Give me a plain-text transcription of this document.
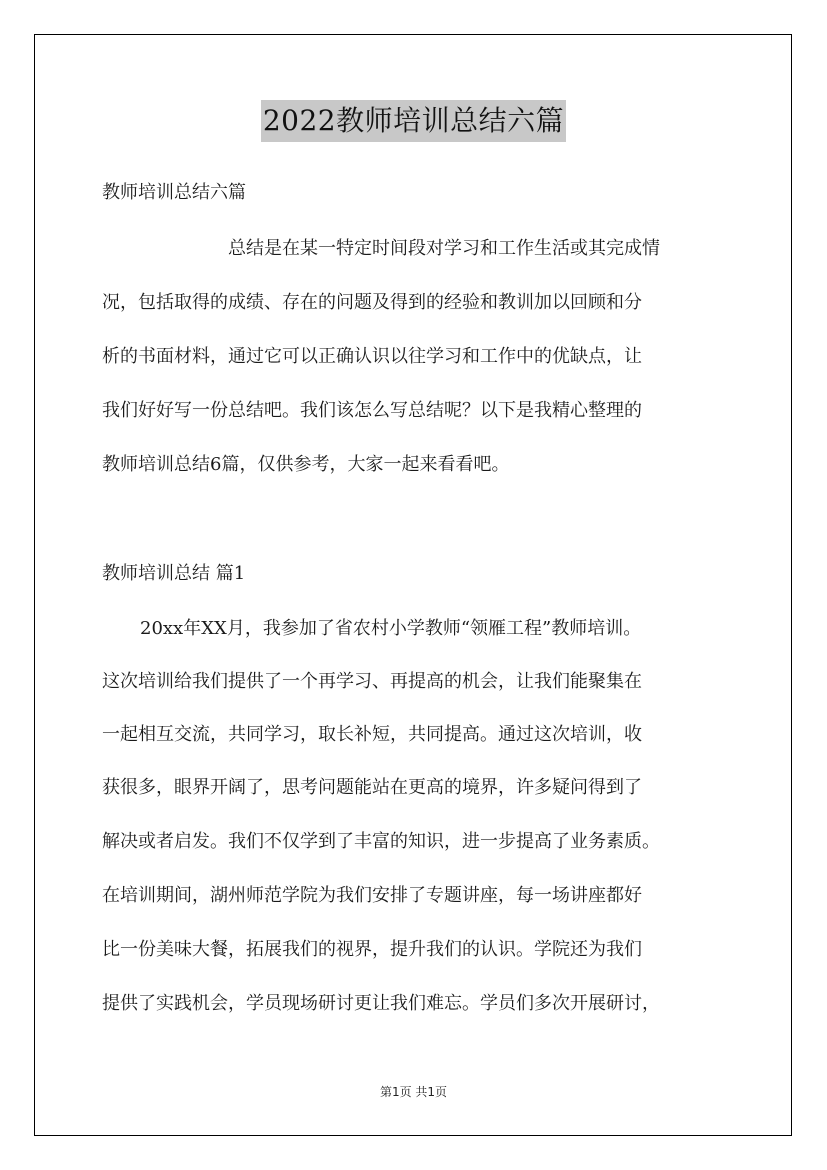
2022教师培训总结六篇
教师培训总结六篇
总结是在某一特定时间段对学习和工作生活或其完成情
况，包括取得的成绩、存在的问题及得到的经验和教训加以回顾和分
析的书面材料，通过它可以正确认识以往学习和工作中的优缺点，让
我们好好写一份总结吧。我们该怎么写总结呢？以下是我精心整理的
教师培训总结6篇，仅供参考，大家一起来看看吧。
教师培训总结 篇1
20xx年XX月，我参加了省农村小学教师“领雁工程”教师培训。
这次培训给我们提供了一个再学习、再提高的机会，让我们能聚集在
一起相互交流，共同学习，取长补短，共同提高。通过这次培训，收
获很多，眼界开阔了，思考问题能站在更高的境界，许多疑问得到了
解决或者启发。我们不仅学到了丰富的知识，进一步提高了业务素质。
在培训期间，湖州师范学院为我们安排了专题讲座，每一场讲座都好
比一份美味大餐，拓展我们的视界，提升我们的认识。学院还为我们
提供了实践机会，学员现场研讨更让我们难忘。学员们多次开展研讨，
第1页 共1页
